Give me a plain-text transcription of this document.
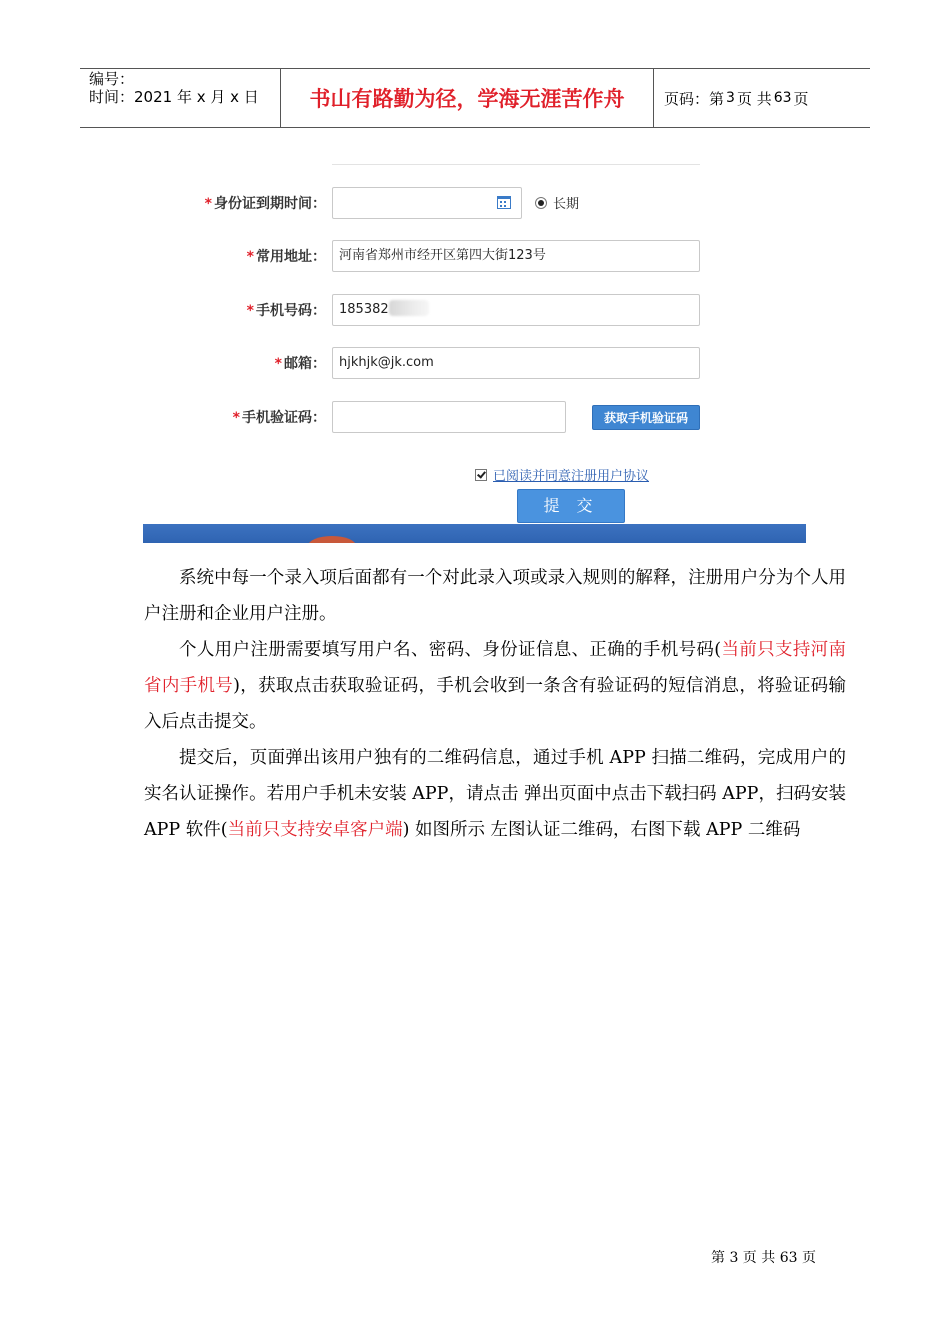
编号：
时间：2021 年 x 月 x 日	书山有路勤为径，学海无涯苦作舟	页码：第 3 页 共 63 页
* 身份证到期时间：	长期
* 常用地址：	河南省郑州市经开区第四大街123号
* 手机号码：	185382
* 邮箱：	hjkhjk@jk.com
* 手机验证码：	获取手机验证码
已阅读并同意注册用户协议
提 交

系统中每一个录入项后面都有一个对此录入项或录入规则的解释，注册用户分为个人用户注册和企业用户注册。

个人用户注册需要填写用户名、密码、身份证信息、正确的手机号码(当前只支持河南省内手机号)，获取点击获取验证码，手机会收到一条含有验证码的短信消息，将验证码输入后点击提交。

提交后，页面弹出该用户独有的二维码信息，通过手机 APP 扫描二维码，完成用户的实名认证操作。若用户手机未安装 APP，请点击 弹出页面中点击下载扫码 APP，扫码安装 APP 软件(当前只支持安卓客户端) 如图所示 左图认证二维码，右图下载 APP 二维码

第 3 页 共 63 页
